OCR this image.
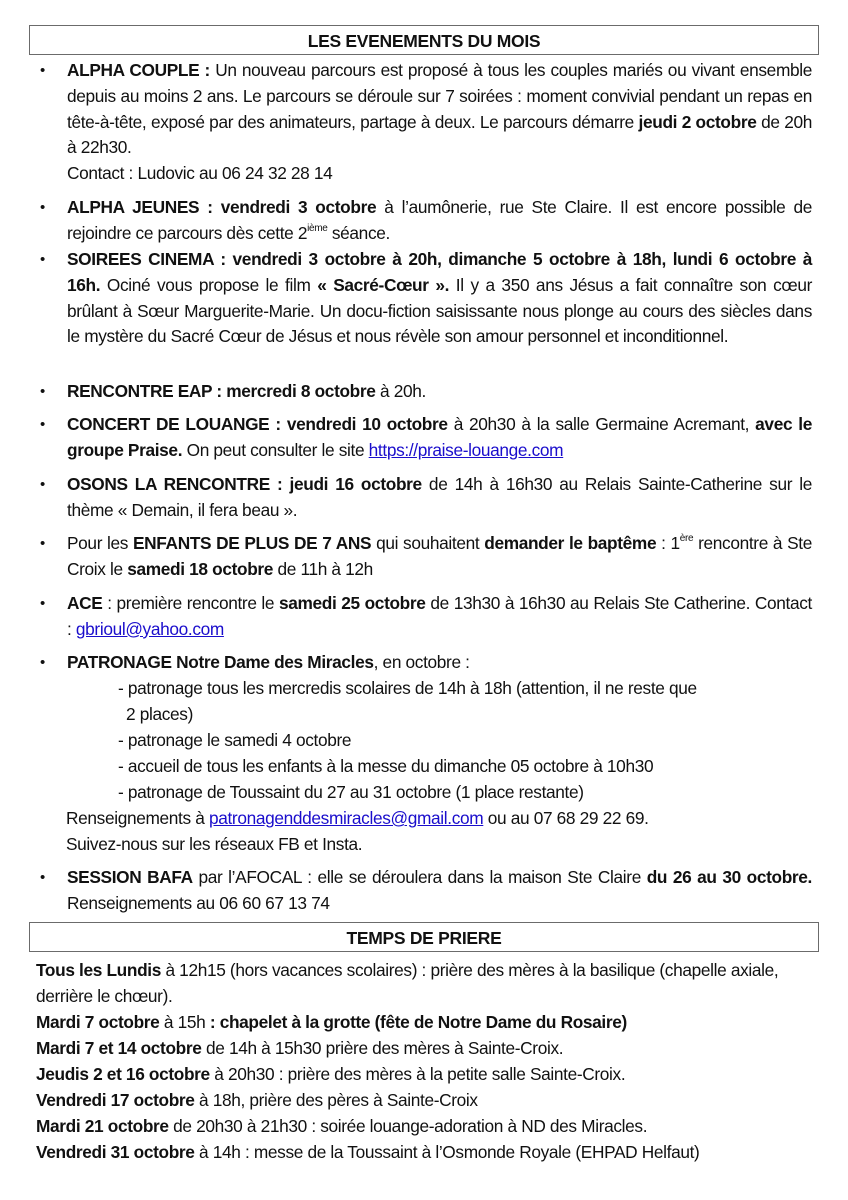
LES EVENEMENTS DU MOIS
• ALPHA COUPLE : Un nouveau parcours est proposé à tous les couples mariés ou vivant ensemble depuis au moins 2 ans. Le parcours se déroule sur 7 soirées : moment convivial pendant un repas en tête-à-tête, exposé par des animateurs, partage à deux. Le parcours démarre jeudi 2 octobre de 20h à 22h30.
Contact : Ludovic au 06 24 32 28 14
• ALPHA JEUNES : vendredi 3 octobre à l’aumônerie, rue Ste Claire. Il est encore possible de rejoindre ce parcours dès cette 2ième séance.
• SOIREES CINEMA : vendredi 3 octobre à 20h, dimanche 5 octobre à 18h, lundi 6 octobre à 16h. Ociné vous propose le film « Sacré-Cœur ». Il y a 350 ans Jésus a fait connaître son cœur brûlant à Sœur Marguerite-Marie. Un docu-fiction saisissante nous plonge au cours des siècles dans le mystère du Sacré Cœur de Jésus et nous révèle son amour personnel et inconditionnel.
• RENCONTRE EAP : mercredi 8 octobre à 20h.
• CONCERT DE LOUANGE : vendredi 10 octobre à 20h30 à la salle Germaine Acremant, avec le groupe Praise. On peut consulter le site https://praise-louange.com
• OSONS LA RENCONTRE : jeudi 16 octobre de 14h à 16h30 au Relais Sainte-Catherine sur le thème « Demain, il fera beau ».
• Pour les ENFANTS DE PLUS DE 7 ANS qui souhaitent demander le baptême : 1ère rencontre à Ste Croix le samedi 18 octobre de 11h à 12h
• ACE : première rencontre le samedi 25 octobre de 13h30 à 16h30 au Relais Ste Catherine. Contact : gbrioul@yahoo.com
• PATRONAGE Notre Dame des Miracles, en octobre :
- patronage tous les mercredis scolaires de 14h à 18h (attention, il ne reste que
2 places)
- patronage le samedi 4 octobre
- accueil de tous les enfants à la messe du dimanche 05 octobre à 10h30
- patronage de Toussaint du 27 au 31 octobre (1 place restante)
Renseignements à patronagenddesmiracles@gmail.com ou au 07 68 29 22 69.
Suivez-nous sur les réseaux FB et Insta.
• SESSION BAFA par l’AFOCAL : elle se déroulera dans la maison Ste Claire du 26 au 30 octobre. Renseignements au 06 60 67 13 74
TEMPS DE PRIERE
Tous les Lundis à 12h15 (hors vacances scolaires) : prière des mères à la basilique (chapelle axiale, derrière le chœur).
Mardi 7 octobre à 15h : chapelet à la grotte (fête de Notre Dame du Rosaire)
Mardi 7 et 14 octobre de 14h à 15h30 prière des mères à Sainte-Croix.
Jeudis 2 et 16 octobre à 20h30 : prière des mères à la petite salle Sainte-Croix.
Vendredi 17 octobre à 18h, prière des pères à Sainte-Croix
Mardi 21 octobre de 20h30 à 21h30 : soirée louange-adoration à ND des Miracles.
Vendredi 31 octobre à 14h : messe de la Toussaint à l’Osmonde Royale (EHPAD Helfaut)
